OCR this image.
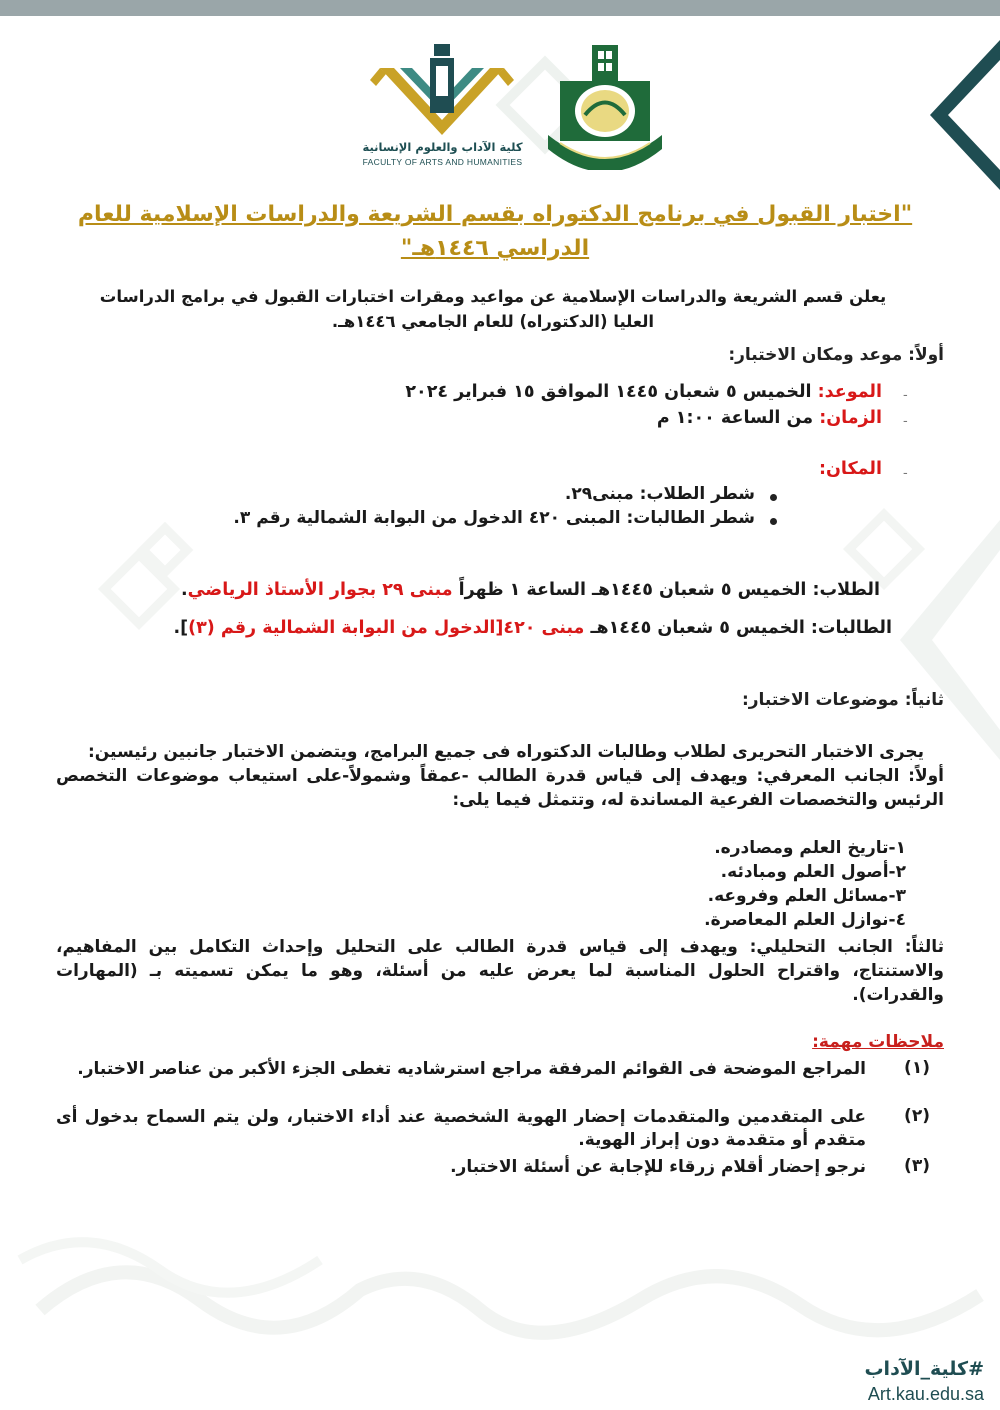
كلية الآداب والعلوم الإنسانية
FACULTY OF ARTS AND HUMANITIES
"اختبار القبول في برنامج الدكتوراه بقسم الشريعة والدراسات الإسلامية للعام الدراسي ١٤٤٦هـ"
يعلن قسم الشريعة والدراسات الإسلامية عن مواعيد ومقرات اختبارات القبول في برامج الدراسات العليا (الدكتوراه) للعام الجامعي ١٤٤٦هـ.
أولاً: موعد ومكان الاختبار:
-
الموعد: الخميس ٥ شعبان ١٤٤٥ الموافق ١٥ فبراير ٢٠٢٤
-
الزمان: من الساعة ١:٠٠ م
-
المكان:
شطر الطلاب: مبنى٢٩.
شطر الطالبات: المبنى ٤٢٠ الدخول من البوابة الشمالية رقم ٣.
الطلاب: الخميس ٥ شعبان ١٤٤٥هـ الساعة ١ ظهراً مبنى ٢٩ بجوار الأستاذ الرياضي.
الطالبات: الخميس ٥ شعبان ١٤٤٥هـ مبنى ٤٢٠[الدخول من البوابة الشمالية رقم (٣)].
ثانياً: موضوعات الاختبار:

يجرى الاختبار التحريرى لطلاب وطالبات الدكتوراه فى جميع البرامج، ويتضمن الاختبار جانبين رئيسين:

أولاً: الجانب المعرفي: ويهدف إلى قياس قدرة الطالب -عمقاً وشمولاً-على استيعاب موضوعات التخصص الرئيس والتخصصات الفرعية المساندة له، وتتمثل فيما يلى:

١-تاريخ العلم ومصادره.
٢-أصول العلم ومبادئه.
٣-مسائل العلم وفروعه.
٤-نوازل العلم المعاصرة.
ثالثاً: الجانب التحليلي: ويهدف إلى قياس قدرة الطالب على التحليل وإحداث التكامل بين المفاهيم، والاستنتاج، واقتراح الحلول المناسبة لما يعرض عليه من أسئلة، وهو ما يمكن تسميته بـ (المهارات والقدرات).
ملاحظات مهمة:
(١)
المراجع الموضحة فى القوائم المرفقة مراجع استرشاديه تغطى الجزء الأكبر من عناصر الاختبار.
(٢)
على المتقدمين والمتقدمات إحضار الهوية الشخصية عند أداء الاختبار، ولن يتم السماح بدخول أى متقدم أو متقدمة دون إبراز الهوية.
(٣)
نرجو إحضار أقلام زرقاء للإجابة عن أسئلة الاختبار.
#كلية_الآداب
Art.kau.edu.sa
